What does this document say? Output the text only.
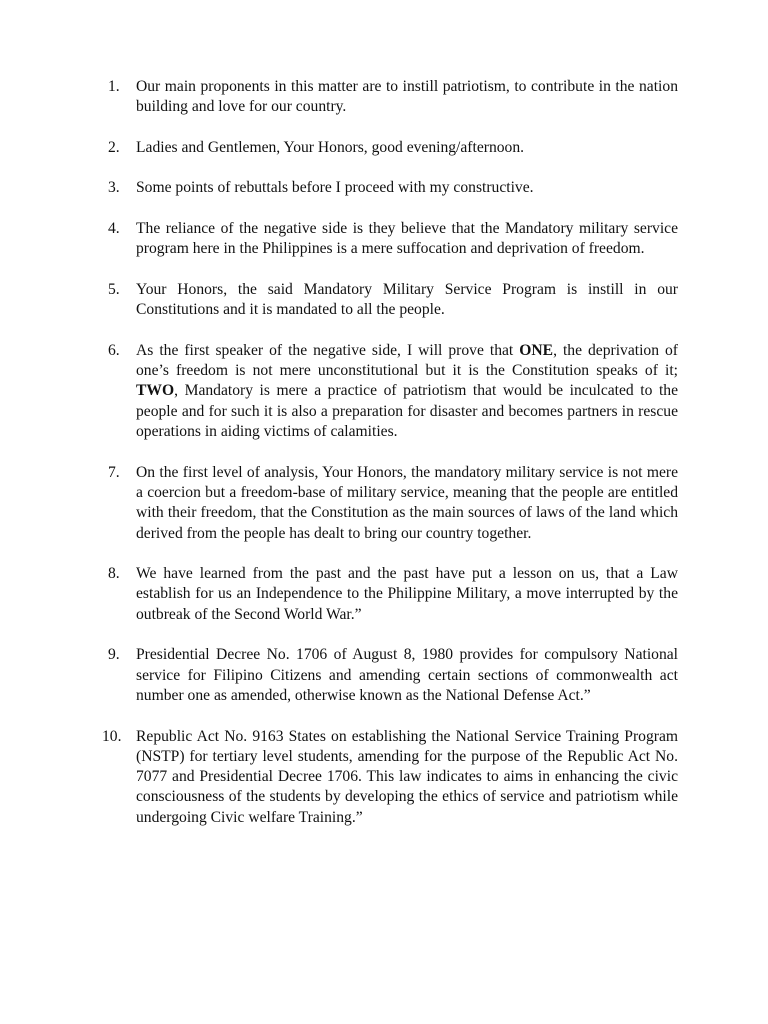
1. Our main proponents in this matter are to instill patriotism, to contribute in the nation building and love for our country.
2. Ladies and Gentlemen, Your Honors, good evening/afternoon.
3. Some points of rebuttals before I proceed with my constructive.
4. The reliance of the negative side is they believe that the Mandatory military service program here in the Philippines is a mere suffocation and deprivation of freedom.
5. Your Honors, the said Mandatory Military Service Program is instill in our Constitutions and it is mandated to all the people.
6. As the first speaker of the negative side, I will prove that ONE, the deprivation of one’s freedom is not mere unconstitutional but it is the Constitution speaks of it; TWO, Mandatory is mere a practice of patriotism that would be inculcated to the people and for such it is also a preparation for disaster and becomes partners in rescue operations in aiding victims of calamities.
7. On the first level of analysis, Your Honors, the mandatory military service is not mere a coercion but a freedom-base of military service, meaning that the people are entitled with their freedom, that the Constitution as the main sources of laws of the land which derived from the people has dealt to bring our country together.
8. We have learned from the past and the past have put a lesson on us, that a Law establish for us an Independence to the Philippine Military, a move interrupted by the outbreak of the Second World War.”
9. Presidential Decree No. 1706 of August 8, 1980 provides for compulsory National service for Filipino Citizens and amending certain sections of commonwealth act number one as amended, otherwise known as the National Defense Act.”
10. Republic Act No. 9163 States on establishing the National Service Training Program (NSTP) for tertiary level students, amending for the purpose of the Republic Act No. 7077 and Presidential Decree 1706. This law indicates to aims in enhancing the civic consciousness of the students by developing the ethics of service and patriotism while undergoing Civic welfare Training.”
